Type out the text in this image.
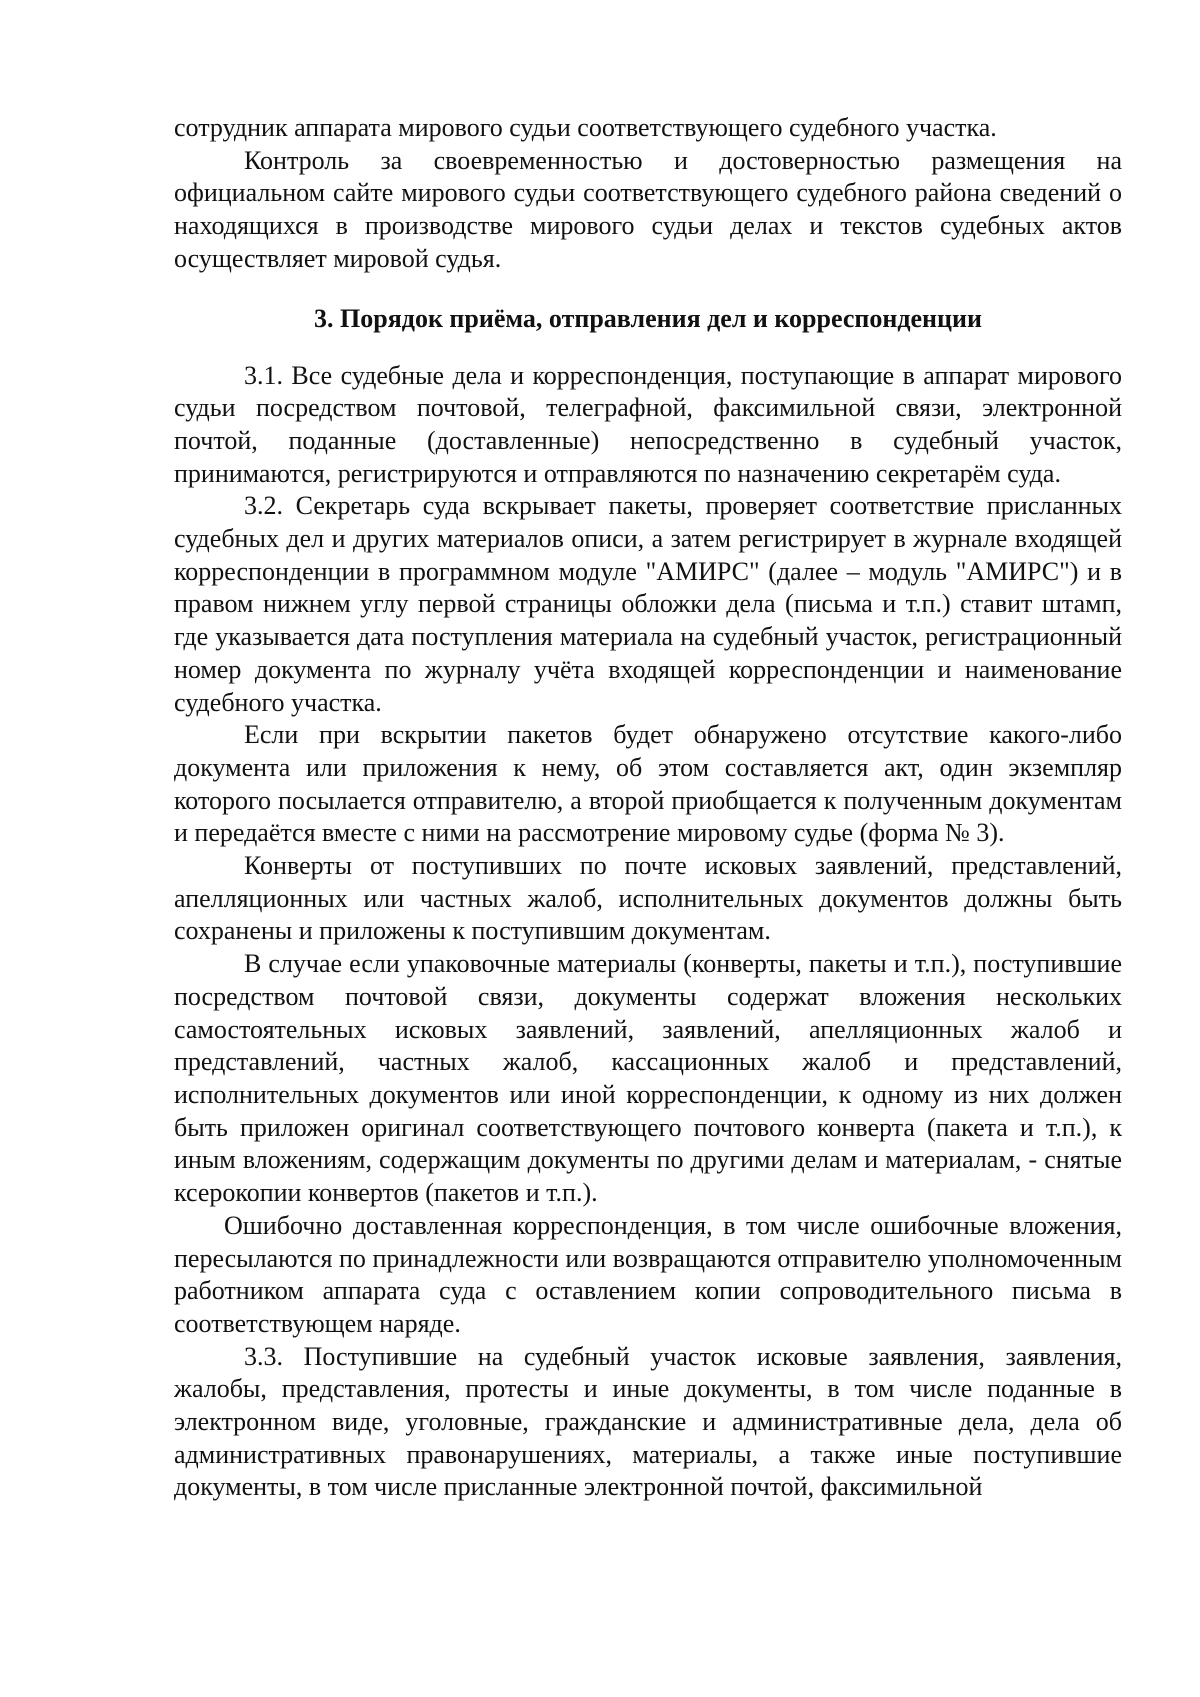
сотрудник аппарата мирового судьи соответствующего судебного участка.

Контроль за своевременностью и достоверностью размещения на официальном сайте мирового судьи соответствующего судебного района сведений о находящихся в производстве мирового судьи делах и текстов судебных актов осуществляет мировой судья.

3. Порядок приёма, отправления дел и корреспонденции

3.1. Все судебные дела и корреспонденция, поступающие в аппарат мирового судьи посредством почтовой, телеграфной, факсимильной связи, электронной почтой, поданные (доставленные) непосредственно в судебный участок, принимаются, регистрируются и отправляются по назначению секретарём суда.

3.2. Секретарь суда вскрывает пакеты, проверяет соответствие присланных судебных дел и других материалов описи, а затем регистрирует в журнале входящей корреспонденции в программном модуле "АМИРС" (далее – модуль "АМИРС") и в правом нижнем углу первой страницы обложки дела (письма и т.п.) ставит штамп, где указывается дата поступления материала на судебный участок, регистрационный номер документа по журналу учёта входящей корреспонденции и наименование судебного участка.

Если при вскрытии пакетов будет обнаружено отсутствие какого-либо документа или приложения к нему, об этом составляется акт, один экземпляр которого посылается отправителю, а второй приобщается к полученным документам и передаётся вместе с ними на рассмотрение мировому судье (форма № 3).

Конверты от поступивших по почте исковых заявлений, представлений, апелляционных или частных жалоб, исполнительных документов должны быть сохранены и приложены к поступившим документам.

В случае если упаковочные материалы (конверты, пакеты и т.п.), поступившие посредством почтовой связи, документы содержат вложения нескольких самостоятельных исковых заявлений, заявлений, апелляционных жалоб и представлений, частных жалоб, кассационных жалоб и представлений, исполнительных документов или иной корреспонденции, к одному из них должен быть приложен оригинал соответствующего почтового конверта (пакета и т.п.), к иным вложениям, содержащим документы по другими делам и материалам, - снятые ксерокопии конвертов (пакетов и т.п.).

Ошибочно доставленная корреспонденция, в том числе ошибочные вложения, пересылаются по принадлежности или возвращаются отправителю уполномоченным работником аппарата суда с оставлением копии сопроводительного письма в соответствующем наряде.

3.3. Поступившие на судебный участок исковые заявления, заявления, жалобы, представления, протесты и иные документы, в том числе поданные в электронном виде, уголовные, гражданские и административные дела, дела об административных правонарушениях, материалы, а также иные поступившие документы, в том числе присланные электронной почтой, факсимильной
